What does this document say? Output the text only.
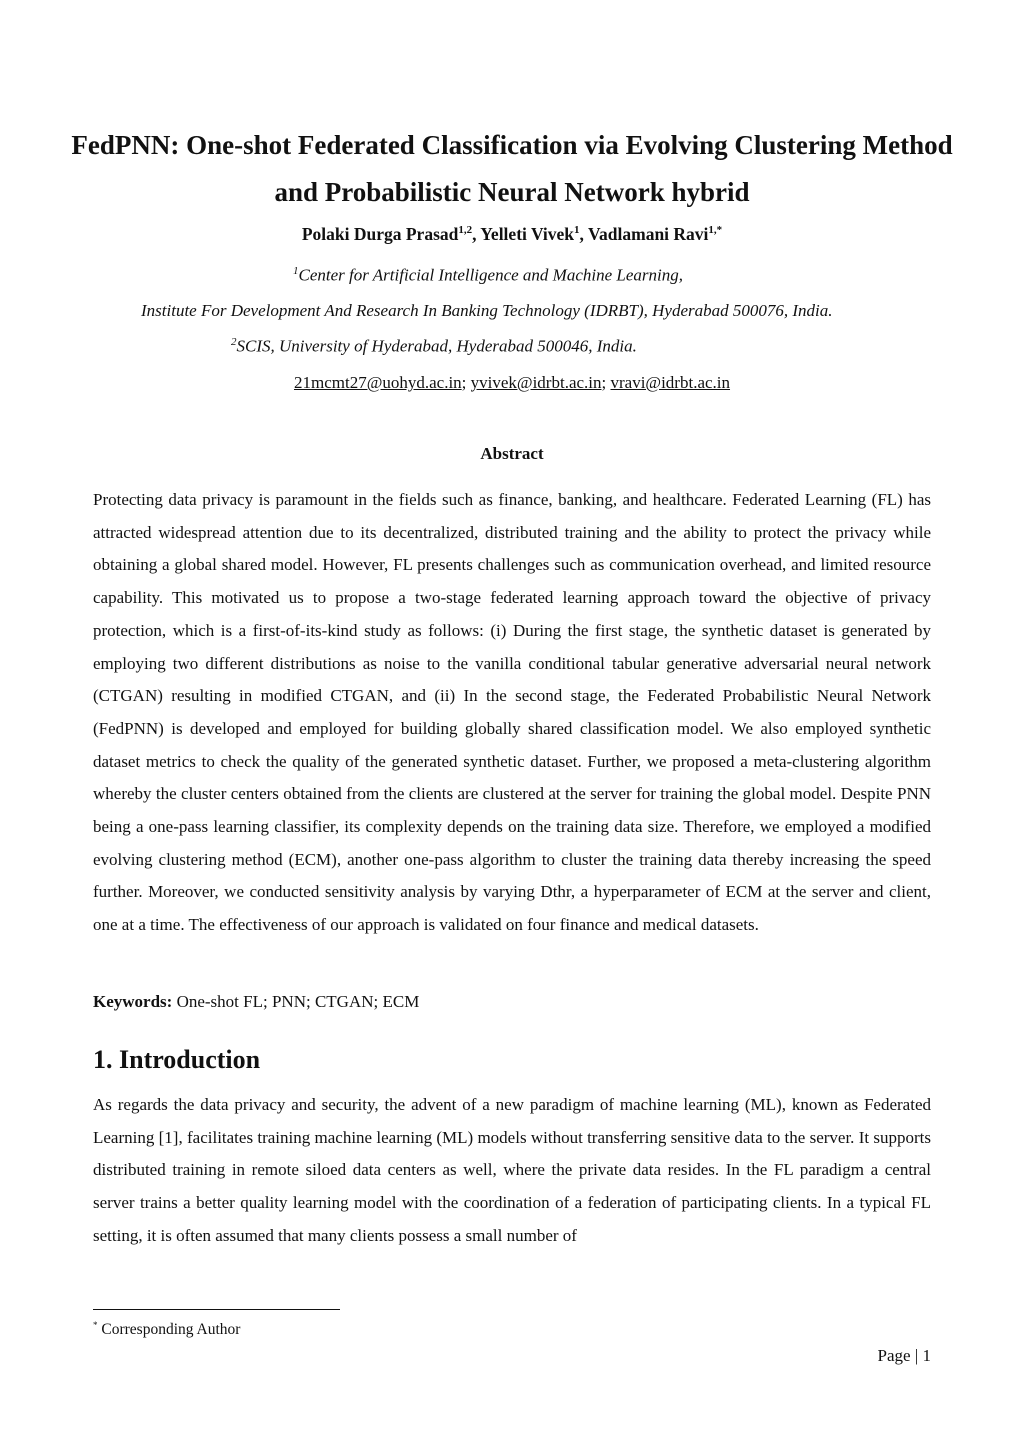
FedPNN: One-shot Federated Classification via Evolving Clustering Method and Probabilistic Neural Network hybrid
Polaki Durga Prasad$^{1,2}$, Yelleti Vivek$^1$, Vadlamani Ravi$^{1,*}$
$^1$Center for Artificial Intelligence and Machine Learning,
Institute For Development And Research In Banking Technology (IDRBT), Hyderabad 500076, India.
$^2$SCIS, University of Hyderabad, Hyderabad 500046, India.
21mcmt27@uohyd.ac.in; yvivek@idrbt.ac.in; vravi@idrbt.ac.in
Abstract

Protecting data privacy is paramount in the fields such as finance, banking, and healthcare. Federated Learning (FL) has attracted widespread attention due to its decentralized, distributed training and the ability to protect the privacy while obtaining a global shared model. However, FL presents challenges such as communication overhead, and limited resource capability. This motivated us to propose a two-stage federated learning approach toward the objective of privacy protection, which is a first-of-its-kind study as follows: (i) During the first stage, the synthetic dataset is generated by employing two different distributions as noise to the vanilla conditional tabular generative adversarial neural network (CTGAN) resulting in modified CTGAN, and (ii) In the second stage, the Federated Probabilistic Neural Network (FedPNN) is developed and employed for building globally shared classification model. We also employed synthetic dataset metrics to check the quality of the generated synthetic dataset. Further, we proposed a meta-clustering algorithm whereby the cluster centers obtained from the clients are clustered at the server for training the global model. Despite PNN being a one-pass learning classifier, its complexity depends on the training data size. Therefore, we employed a modified evolving clustering method (ECM), another one-pass algorithm to cluster the training data thereby increasing the speed further. Moreover, we conducted sensitivity analysis by varying Dthr, a hyperparameter of ECM at the server and client, one at a time. The effectiveness of our approach is validated on four finance and medical datasets.

Keywords: One-shot FL; PNN; CTGAN; ECM
1. Introduction

As regards the data privacy and security, the advent of a new paradigm of machine learning (ML), known as Federated Learning [1], facilitates training machine learning (ML) models without transferring sensitive data to the server. It supports distributed training in remote siloed data centers as well, where the private data resides. In the FL paradigm a central server trains a better quality learning model with the coordination of a federation of participating clients. In a typical FL setting, it is often assumed that many clients possess a small number of

* Corresponding Author
Page | 1
